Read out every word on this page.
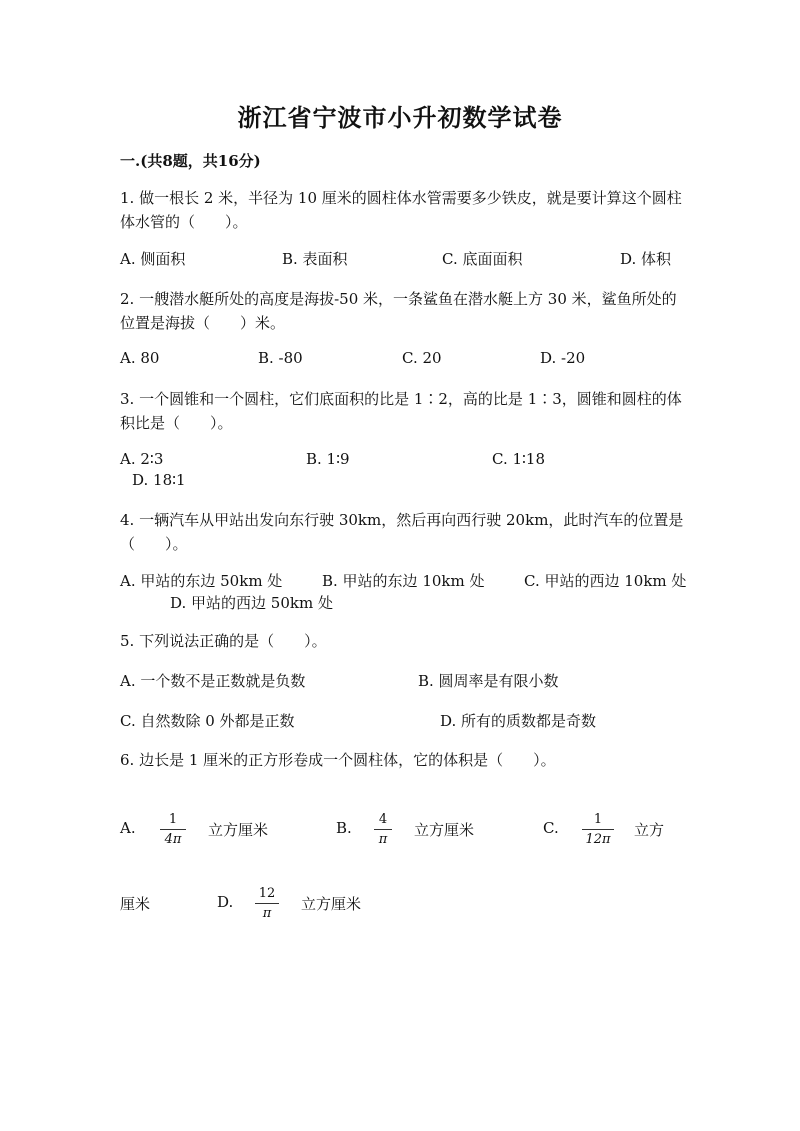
浙江省宁波市小升初数学试卷
一.(共8题，共16分)
1. 做一根长 2 米，半径为 10 厘米的圆柱体水管需要多少铁皮，就是要计算这个圆柱体水管的（　　）。
A. 侧面积	B. 表面积	C. 底面面积	D. 体积
2. 一艘潜水艇所处的高度是海拔-50 米，一条鲨鱼在潜水艇上方 30 米，鲨鱼所处的位置是海拔（　　）米。
A. 80	B. -80	C. 20	D. -20
3. 一个圆锥和一个圆柱，它们底面积的比是 1∶2，高的比是 1∶3，圆锥和圆柱的体积比是（　　）。
A. 2∶3	B. 1∶9	C. 1∶18
D. 18∶1
4. 一辆汽车从甲站出发向东行驶 30km，然后再向西行驶 20km，此时汽车的位置是（　　）。
A. 甲站的东边 50km 处	B. 甲站的东边 10km 处	C. 甲站的西边 10km 处
D. 甲站的西边 50km 处
5. 下列说法正确的是（　　）。
A. 一个数不是正数就是负数	B. 圆周率是有限小数
C. 自然数除 0 外都是正数	D. 所有的质数都是奇数
6. 边长是 1 厘米的正方形卷成一个圆柱体，它的体积是（　　）。
A. $\frac{1}{4\pi}$ 立方厘米	B. $\frac{4}{\pi}$ 立方厘米	C. $\frac{1}{12\pi}$ 立方
厘米	D. $\frac{12}{\pi}$ 立方厘米
